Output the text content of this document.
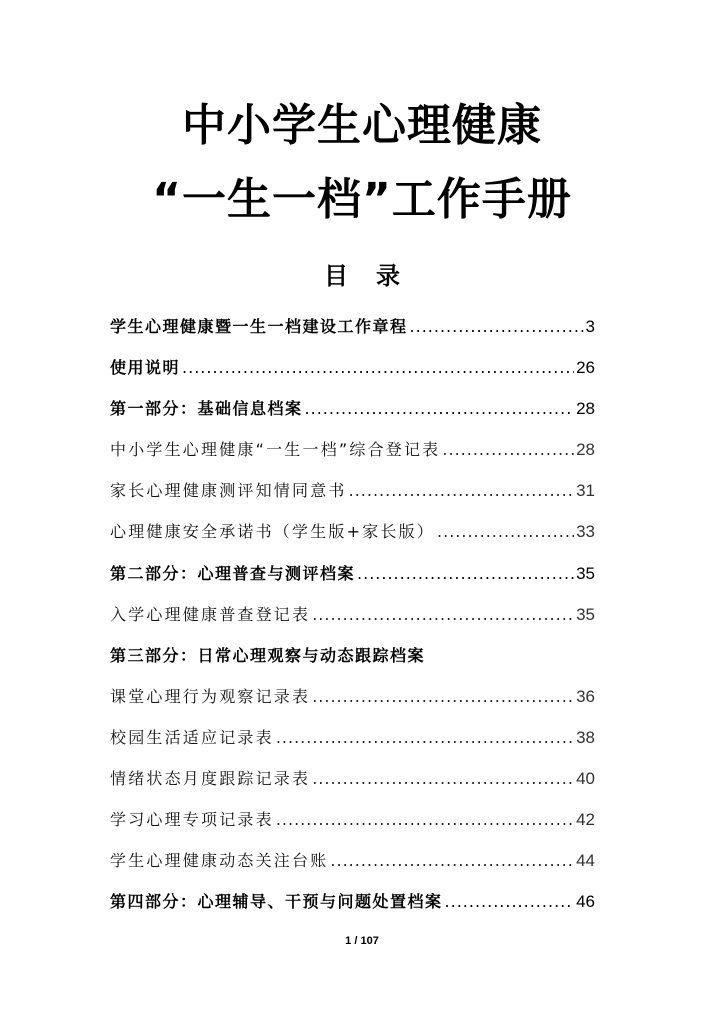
中小学生心理健康
“一生一档”工作手册
目录
学生心理健康暨一生一档建设工作章程 .....	3
使用说明 .....	26
第一部分：基础信息档案 .....	28
中小学生心理健康“一生一档”综合登记表 .....	28
家长心理健康测评知情同意书 .....	31
心理健康安全承诺书（学生版+家长版） .....	33
第二部分：心理普查与测评档案 .....	35
入学心理健康普查登记表 .....	35
第三部分：日常心理观察与动态跟踪档案
课堂心理行为观察记录表 .....	36
校园生活适应记录表 .....	38
情绪状态月度跟踪记录表 .....	40
学习心理专项记录表 .....	42
学生心理健康动态关注台账 .....	44
第四部分：心理辅导、干预与问题处置档案 .....	46
1 / 107
